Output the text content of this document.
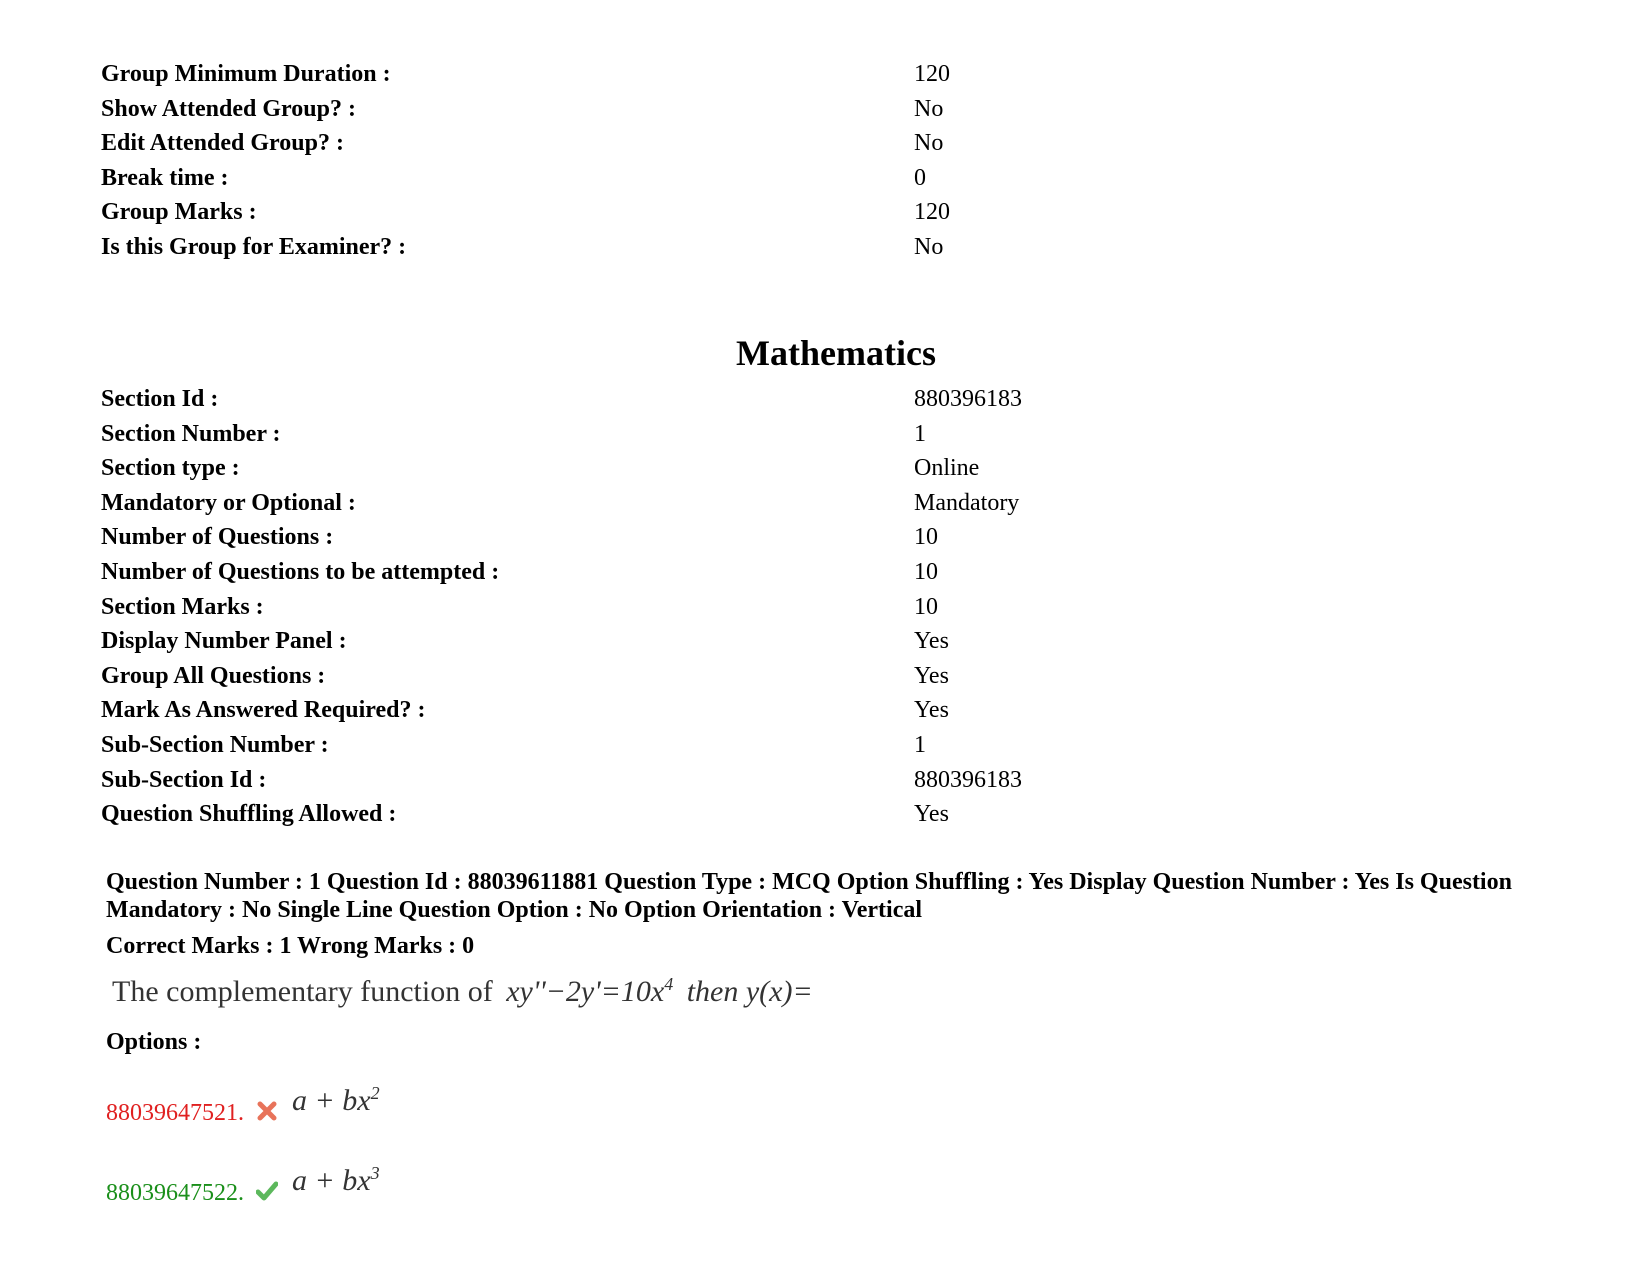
Group Minimum Duration :	120
Show Attended Group? :	No
Edit Attended Group? :	No
Break time :	0
Group Marks :	120
Is this Group for Examiner? :	No
Mathematics
Section Id :	880396183
Section Number :	1
Section type :	Online
Mandatory or Optional :	Mandatory
Number of Questions :	10
Number of Questions to be attempted :	10
Section Marks :	10
Display Number Panel :	Yes
Group All Questions :	Yes
Mark As Answered Required? :	Yes
Sub-Section Number :	1
Sub-Section Id :	880396183
Question Shuffling Allowed :	Yes

Question Number : 1 Question Id : 88039611881 Question Type : MCQ Option Shuffling : Yes Display Question Number : Yes Is Question Mandatory : No Single Line Question Option : No Option Orientation : Vertical

Correct Marks : 1 Wrong Marks : 0

The complementary function of $xy''-2y'=10x^4$ then y(x)=

Options :

88039647521. $a + bx^2$
88039647522. $a + bx^3$
